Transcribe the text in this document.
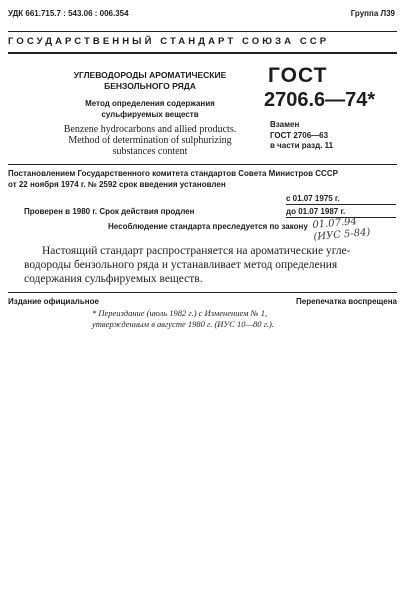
УДК 661.715.7 : 543.06 : 006.354	Группа Л39
ГОСУДАРСТВЕННЫЙ СТАНДАРТ СОЮЗА ССР
УГЛЕВОДОРОДЫ АРОМАТИЧЕСКИЕ
БЕНЗОЛЬНОГО РЯДА
Метод определения содержания
сульфируемых веществ
Benzene hydrocarbons and allied products.
Method of determination of sulphurizing
substances content
ГОСТ
2706.6—74*
Взамен
ГОСТ 2706—63
в части разд. 11
Постановлением Государственного комитета стандартов Совета Министров СССР
от 22 ноября 1974 г. № 2592 срок введения установлен
с 01.07 1975 г.
до 01.07 1987 г.
Проверен в 1980 г. Срок действия продлен
Несоблюдение стандарта преследуется по закону 01.07.94
(ИУС 5-84)
Настоящий стандарт распространяется на ароматические угле-водороды бензольного ряда и устанавливает метод определения содержания сульфируемых веществ.
Издание официальное	Перепечатка воспрещена
* Переиздание (июль 1982 г.) с Изменением № 1,
утвержденным в августе 1980 г. (ИУС 10—80 г.).
